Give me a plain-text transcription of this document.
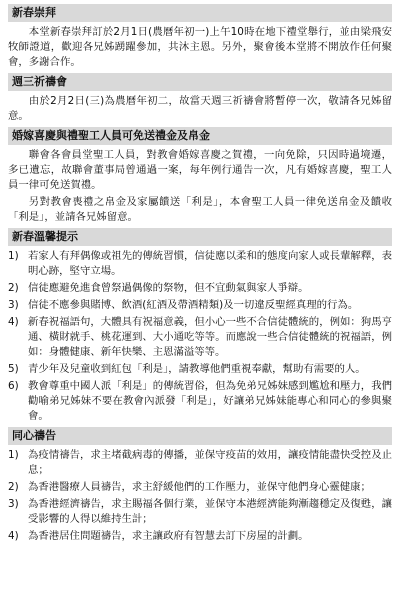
新春崇拜

本堂新春崇拜訂於2月1日(農曆年初一)上午10時在地下禮堂舉行，並由梁飛安牧師證道，歡迎各兄姊踴躍參加，共沐主恩。另外，聚會後本堂將不開放作任何聚會，多謝合作。

週三祈禱會

由於2月2日(三)為農曆年初二，故當天週三祈禱會將暫停一次，敬請各兄姊留意。

婚嫁喜慶與禮聖工人員可免送禮金及帛金

聯會各會員堂聖工人員，對教會婚嫁喜慶之賀禮，一向免除，只因時過境遷，多已遺忘，故聯會董事局曾通過一案，每年例行通告一次，凡有婚嫁喜慶，聖工人員一律可免送賀禮。

另對教會喪禮之帛金及家屬饋送「利是」，本會聖工人員一律免送帛金及饋收「利是」，並請各兄姊留意。

新春溫馨提示
1) 若家人有拜偶像或祖先的傳統習慣，信徒應以柔和的態度向家人或長輩解釋，表明心跡，堅守立場。
2) 信徒應避免進食曾祭過偶像的祭物，但不宜動氣與家人爭辯。
3) 信徒不應參與賭博、飲酒(紅酒及帶酒精類)及一切違反聖經真理的行為。
4) 新春祝福語句，大體具有祝福意義，但小心一些不合信徒體統的，例如：狗馬亨通、橫財就手、桃花運到、大小通吃等等。而應說一些合信徒體統的祝福語，例如：身體健康、新年快樂、主恩滿溢等等。
5) 青少年及兒童收到紅包「利是」，請教導他們重視奉獻，幫助有需要的人。
6) 教會尊重中國人派「利是」的傳統習俗，但為免弟兄姊妹感到尷尬和壓力，我們勸喻弟兄姊妹不要在教會內派發「利是」，好讓弟兄姊妹能專心和同心的參與聚會。
同心禱告
1) 為疫情禱告，求主堵截病毒的傳播，並保守疫苗的效用，讓疫情能盡快受控及止息；
2) 為香港醫療人員禱告，求主舒緩他們的工作壓力，並保守他們身心靈健康；
3) 為香港經濟禱告，求主賜福各個行業，並保守本港經濟能夠漸趨穩定及復甦，讓受影響的人得以維持生計；
4) 為香港居住問題禱告，求主讓政府有智慧去訂下房屋的計劃。
